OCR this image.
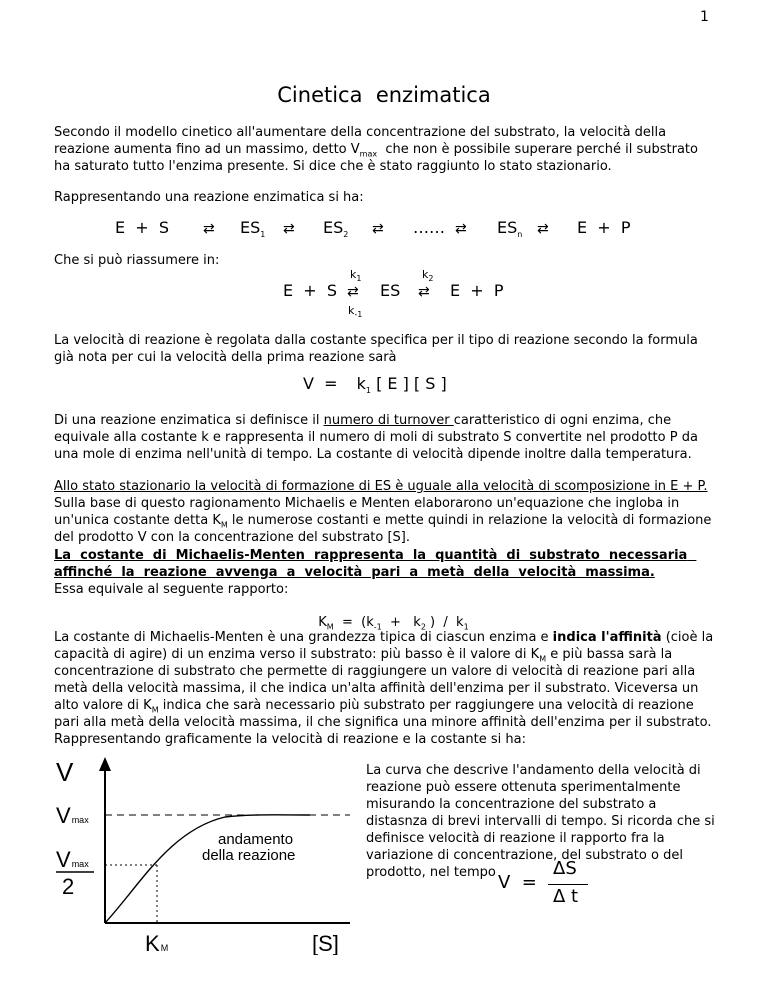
1
Cinetica  enzimatica
Secondo il modello cinetico all'aumentare della concentrazione del substrato, la velocità della reazione aumenta fino ad un massimo, detto $V_{max}$  che non è possibile superare perché il substrato ha saturato tutto l'enzima presente. Si dice che è stato raggiunto lo stato stazionario.
Rappresentando una reazione enzimatica si ha:
E  +  S ⇄ $ES_1$ ⇄ $ES_2$ ⇄ …… ⇄ $ES_n$ ⇄ E  +  P
Che si può riassumere in:
$k_1$	$k_2$
E  +  S ⇄ ES ⇄ E  +  P
$k_{-1}$
La velocità di reazione è regolata dalla costante specifica per il tipo di reazione secondo la formula già nota per cui la velocità della prima reazione sarà
$V = k_1$ [ E ] [ S ]
Di una reazione enzimatica si definisce il numero di turnover caratteristico di ogni enzima, che equivale alla costante k e rappresenta il numero di moli di substrato S convertite nel prodotto P da una mole di enzima nell'unità di tempo. La costante di velocità dipende inoltre dalla temperatura.
Allo stato stazionario la velocità di formazione di ES è uguale alla velocità di scomposizione in E + P.
Sulla base di questo ragionamento Michaelis e Menten elaborarono un'equazione che ingloba in un'unica costante detta $K_M$ le numerose costanti e mette quindi in relazione la velocità di formazione del prodotto V con la concentrazione del substrato [S].
La  costante  di  Michaelis-Menten  rappresenta  la  quantità  di  substrato  necessaria  affinché  la  reazione  avvenga  a  velocità  pari  a  metà  della  velocità  massima.
Essa equivale al seguente rapporto:

$K_M = (k_{-1} + k_2$ )  /  $k_1$

La costante di Michaelis-Menten è una grandezza tipica di ciascun enzima e indica l'affinità (cioè la capacità di agire) di un enzima verso il substrato: più basso è il valore di $K_M$ e più bassa sarà la concentrazione di substrato che permette di raggiungere un valore di velocità di reazione pari alla metà della velocità massima, il che indica un'alta affinità dell'enzima per il substrato. Viceversa un alto valore di $K_M$ indica che sarà necessario più substrato per raggiungere una velocità di reazione pari alla metà della velocità massima, il che significa una minore affinità dell'enzima per il substrato.
Rappresentando graficamente la velocità di reazione e la costante si ha:
V
Vmax
Vmax
2
andamento
della reazione
KM	[S]
La curva che descrive l'andamento della velocità di reazione può essere ottenuta sperimentalmente misurando la concentrazione del substrato a distasnza di brevi intervalli di tempo. Si ricorda che si definisce velocità di reazione il rapporto fra la variazione di concentrazione, del substrato o del prodotto, nel tempo V  =
ΔS
Δ t
